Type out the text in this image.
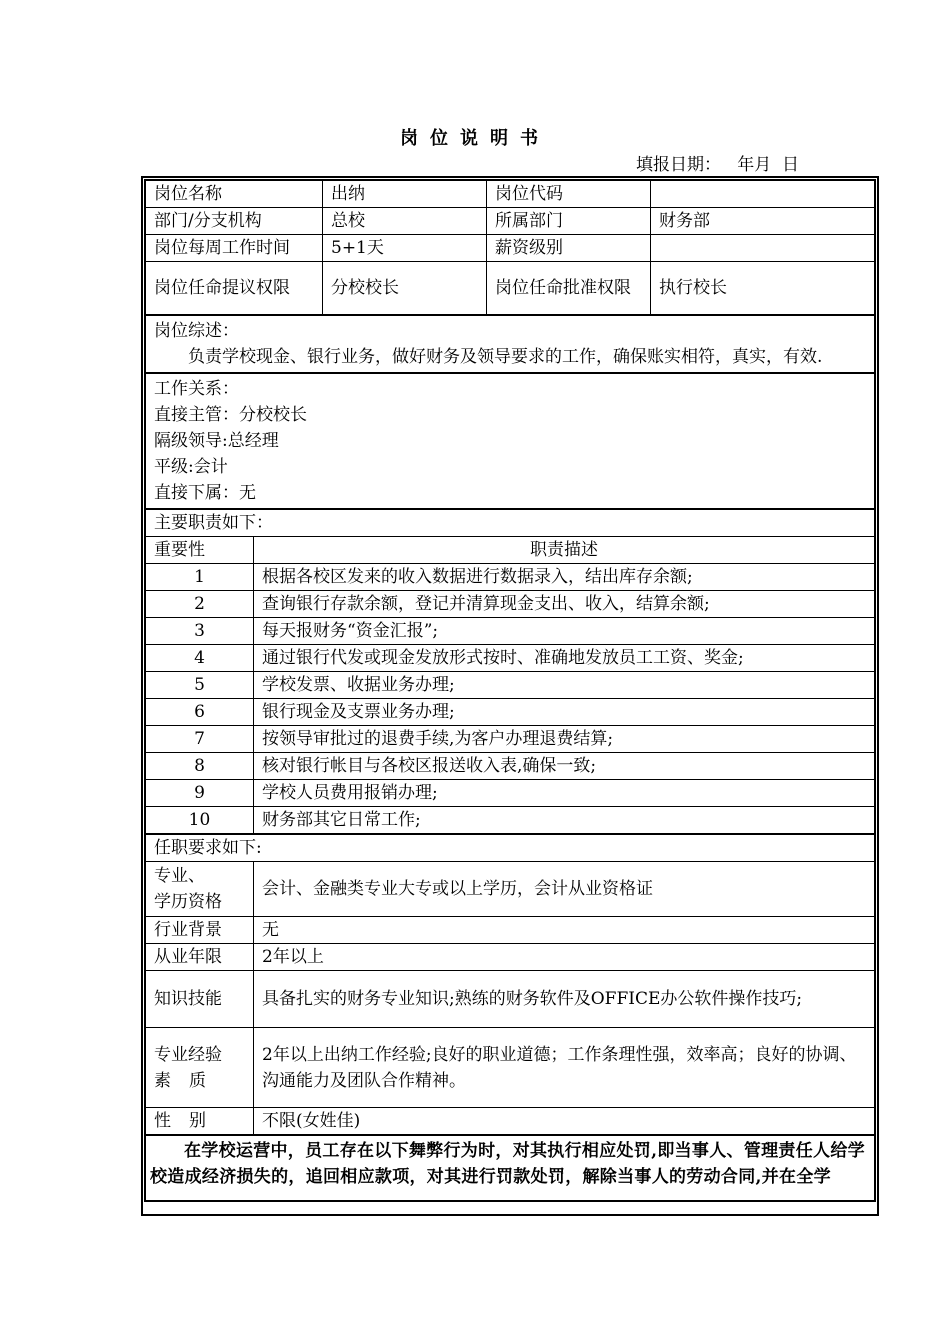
岗位说明书
填报日期：   年月  日
岗位名称	出纳	岗位代码	
部门/分支机构	总校	所属部门	财务部
岗位每周工作时间	5+1天	薪资级别	
岗位任命提议权限	分校校长	岗位任命批准权限	执行校长
岗位综述：
负责学校现金、银行业务，做好财务及领导要求的工作，确保账实相符，真实，有效.
工作关系：
直接主管：分校校长
隔级领导:总经理
平级:会计
直接下属：无
主要职责如下：	
重要性	职责描述
1	根据各校区发来的收入数据进行数据录入，结出库存余额;
2	查询银行存款余额，登记并清算现金支出、收入，结算余额;
3	每天报财务“资金汇报”;
4	通过银行代发或现金发放形式按时、准确地发放员工工资、奖金;
5	学校发票、收据业务办理;
6	银行现金及支票业务办理;
7	按领导审批过的退费手续,为客户办理退费结算;
8	核对银行帐目与各校区报送收入表,确保一致;
9	学校人员费用报销办理;
10	财务部其它日常工作;
任职要求如下:	

专业、
学历资格	会计、金融类专业大专或以上学历，会计从业资格证
行业背景	无
从业年限	2年以上
知识技能	具备扎实的财务专业知识;熟练的财务软件及OFFICE办公软件操作技巧;

专业经验
素质	2年以上出纳工作经验;良好的职业道德；工作条理性强，效率高；良好的协调、沟通能力及团队合作精神。
性别	不限(女姓佳)
在学校运营中，员工存在以下舞弊行为时，对其执行相应处罚,即当事人、管理责任人给学校造成经济损失的，追回相应款项，对其进行罚款处罚，解除当事人的劳动合同,并在全学
